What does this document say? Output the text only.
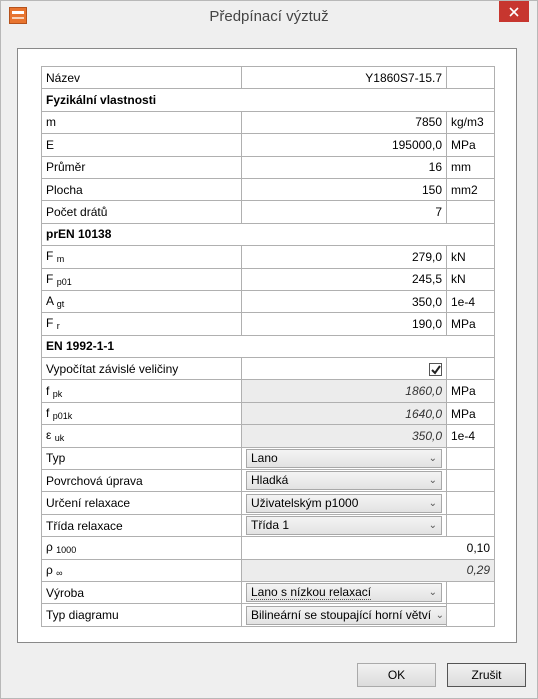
Předpínací výztuž
Název	Y1860S7-15.7	
Fyzikální vlastnosti		
m	7850	kg/m3
E	195000,0	MPa
Průměr	16	mm
Plocha	150	mm2
Počet drátů	7	
prEN 10138		
F $_m$	279,0	kN
F $_{p01}$	245,5	kN
A $_{gt}$	350,0	1e-4
F $_r$	190,0	MPa
EN 1992-1-1		
Vypočítat závislé veličiny	

f $_{pk}$	1860,0	MPa
f $_{p01k}$	1640,0	MPa
ε $_{uk}$	350,0	1e-4
Typ	Lano ⌄	

Povrchová úprava	Hladká ⌄	

Určení relaxace	Uživatelským p1000 ⌄	

Třída relaxace	Třída 1 ⌄	

ρ $_{1000}$	0,10	
ρ $_\infty$	0,29	
Výroba	Lano s nízkou relaxací ⌄	

Typ diagramu	Bilineární se stoupající horní větví ⌄	

OK	Zrušit
